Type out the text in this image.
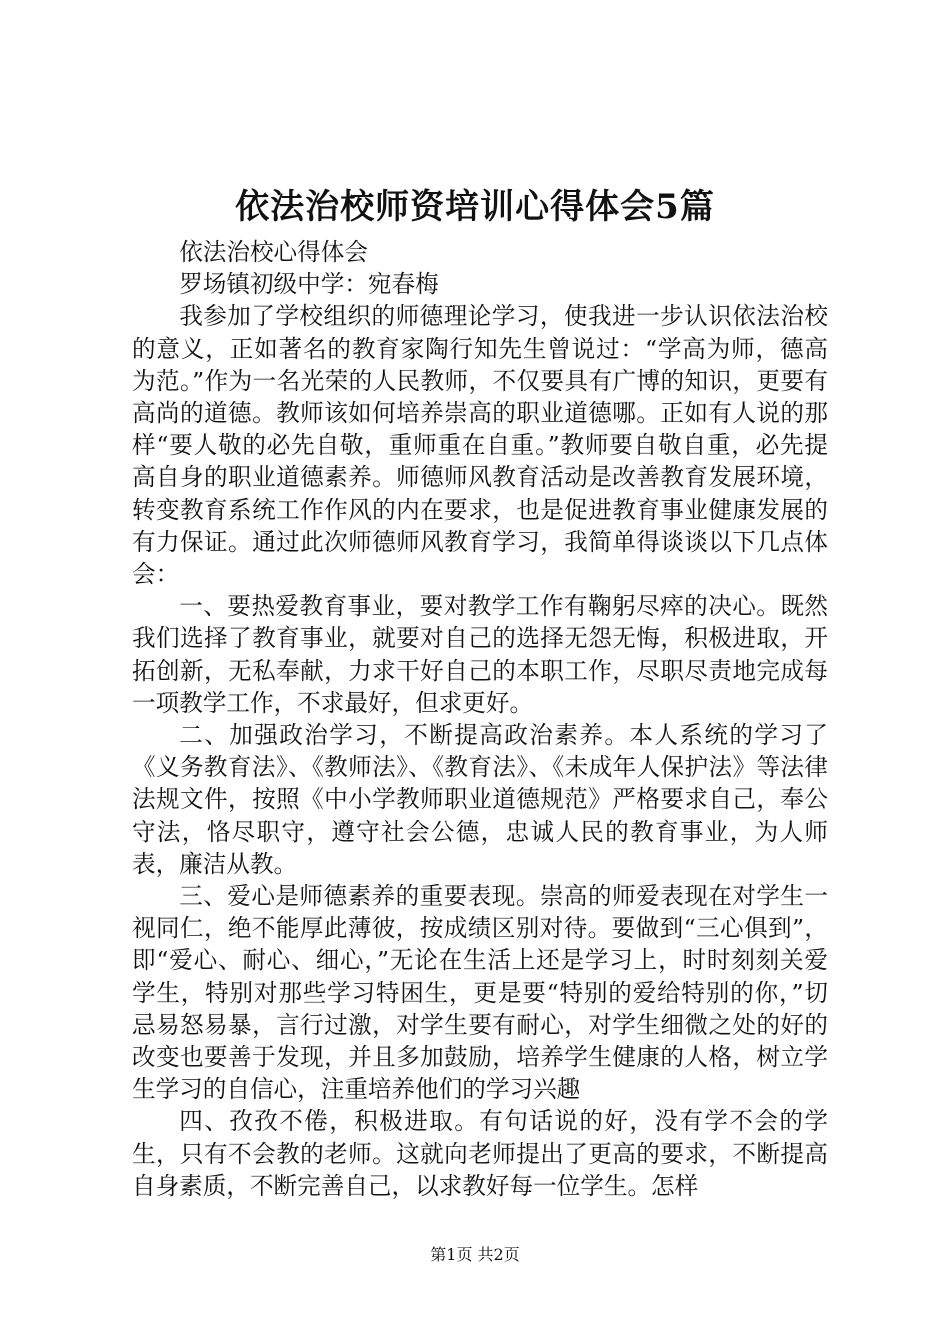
依法治校师资培训心得体会5篇

依法治校心得体会

罗场镇初级中学：宛春梅

我参加了学校组织的师德理论学习，使我进一步认识依法治校的意义，正如著名的教育家陶行知先生曾说过：“学高为师，德高为范。”作为一名光荣的人民教师，不仅要具有广博的知识，更要有高尚的道德。教师该如何培养崇高的职业道德哪。正如有人说的那样“要人敬的必先自敬，重师重在自重。”教师要自敬自重，必先提高自身的职业道德素养。师德师风教育活动是改善教育发展环境，转变教育系统工作作风的内在要求，也是促进教育事业健康发展的有力保证。通过此次师德师风教育学习，我简单得谈谈以下几点体会：

一、要热爱教育事业，要对教学工作有鞠躬尽瘁的决心。既然我们选择了教育事业，就要对自己的选择无怨无悔，积极进取，开拓创新，无私奉献，力求干好自己的本职工作，尽职尽责地完成每一项教学工作，不求最好，但求更好。

二、加强政治学习，不断提高政治素养。本人系统的学习了《义务教育法》、《教师法》、《教育法》、《未成年人保护法》等法律法规文件，按照《中小学教师职业道德规范》严格要求自己，奉公守法，恪尽职守，遵守社会公德，忠诚人民的教育事业，为人师表，廉洁从教。

三、爱心是师德素养的重要表现。崇高的师爱表现在对学生一视同仁，绝不能厚此薄彼，按成绩区别对待。要做到“三心俱到”，即“爱心、耐心、细心，”无论在生活上还是学习上，时时刻刻关爱学生，特别对那些学习特困生，更是要“特别的爱给特别的你，”切忌易怒易暴，言行过激，对学生要有耐心，对学生细微之处的好的改变也要善于发现，并且多加鼓励，培养学生健康的人格，树立学生学习的自信心，注重培养他们的学习兴趣

四、孜孜不倦，积极进取。有句话说的好，没有学不会的学生，只有不会教的老师。这就向老师提出了更高的要求，不断提高自身素质，不断完善自己，以求教好每一位学生。怎样

第1页 共2页
